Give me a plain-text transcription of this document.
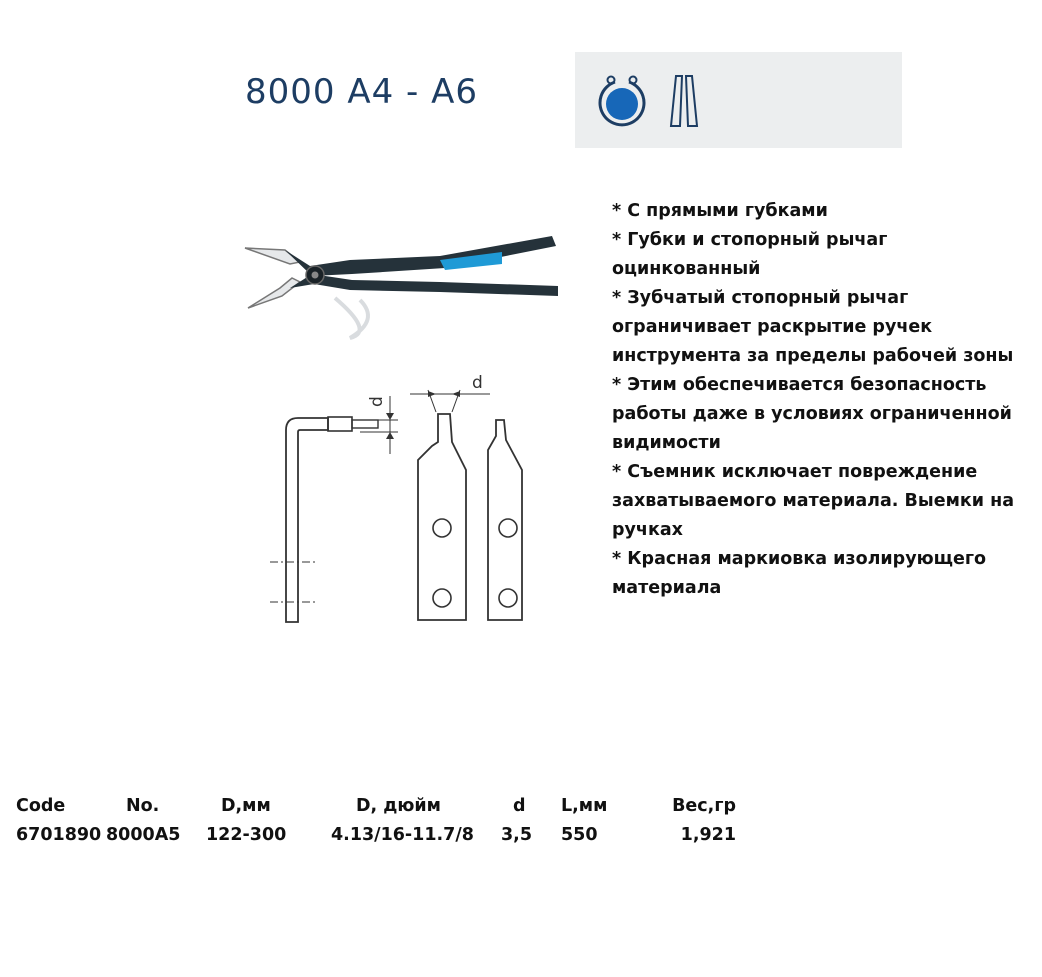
8000 A4 - A6
d
d
* С прямыми губками
* Губки и стопорный рычаг оцинкованный
* Зубчатый стопорный рычаг ограничивает раскрытие ручек инструмента за пределы рабочей зоны
* Этим обеспечивается безопасность работы даже в условиях ограниченной видимости
* Съемник исключает повреждение захватываемого материала. Выемки на ручках
* Красная маркиовка изолирующего материала
Code	No.	D,мм	D, дюйм	d	L,мм	Вес,гр
6701890	8000A5	122-300	4.13/16-11.7/8	3,5	550	1,921
